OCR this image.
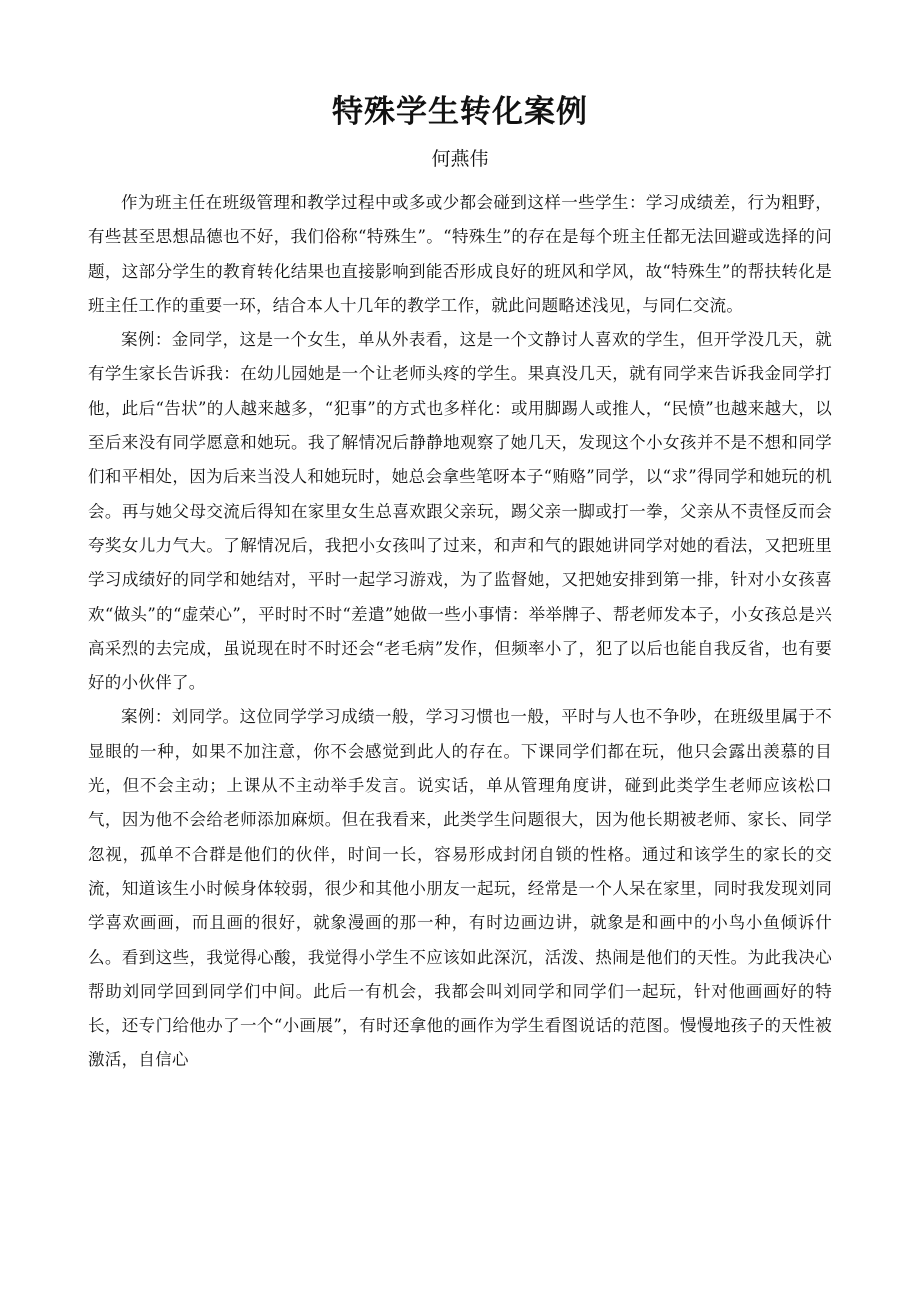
特殊学生转化案例
何燕伟

作为班主任在班级管理和教学过程中或多或少都会碰到这样一些学生：学习成绩差，行为粗野，有些甚至思想品德也不好，我们俗称“特殊生”。“特殊生”的存在是每个班主任都无法回避或选择的问题，这部分学生的教育转化结果也直接影响到能否形成良好的班风和学风，故“特殊生”的帮扶转化是班主任工作的重要一环，结合本人十几年的教学工作，就此问题略述浅见，与同仁交流。

案例：金同学，这是一个女生，单从外表看，这是一个文静讨人喜欢的学生，但开学没几天，就有学生家长告诉我：在幼儿园她是一个让老师头疼的学生。果真没几天，就有同学来告诉我金同学打他，此后“告状”的人越来越多，“犯事”的方式也多样化：或用脚踢人或推人，“民愤”也越来越大，以至后来没有同学愿意和她玩。我了解情况后静静地观察了她几天，发现这个小女孩并不是不想和同学们和平相处，因为后来当没人和她玩时，她总会拿些笔呀本子“贿赂”同学，以“求”得同学和她玩的机会。再与她父母交流后得知在家里女生总喜欢跟父亲玩，踢父亲一脚或打一拳，父亲从不责怪反而会夸奖女儿力气大。了解情况后，我把小女孩叫了过来，和声和气的跟她讲同学对她的看法，又把班里学习成绩好的同学和她结对，平时一起学习游戏，为了监督她，又把她安排到第一排，针对小女孩喜欢“做头”的“虚荣心”，平时时不时“差遣”她做一些小事情：举举牌子、帮老师发本子，小女孩总是兴高采烈的去完成，虽说现在时不时还会“老毛病”发作，但频率小了，犯了以后也能自我反省，也有要好的小伙伴了。

案例：刘同学。这位同学学习成绩一般，学习习惯也一般，平时与人也不争吵，在班级里属于不显眼的一种，如果不加注意，你不会感觉到此人的存在。下课同学们都在玩，他只会露出羡慕的目光，但不会主动；上课从不主动举手发言。说实话，单从管理角度讲，碰到此类学生老师应该松口气，因为他不会给老师添加麻烦。但在我看来，此类学生问题很大，因为他长期被老师、家长、同学忽视，孤单不合群是他们的伙伴，时间一长，容易形成封闭自锁的性格。通过和该学生的家长的交流，知道该生小时候身体较弱，很少和其他小朋友一起玩，经常是一个人呆在家里，同时我发现刘同学喜欢画画，而且画的很好，就象漫画的那一种，有时边画边讲，就象是和画中的小鸟小鱼倾诉什么。看到这些，我觉得心酸，我觉得小学生不应该如此深沉，活泼、热闹是他们的天性。为此我决心帮助刘同学回到同学们中间。此后一有机会，我都会叫刘同学和同学们一起玩，针对他画画好的特长，还专门给他办了一个“小画展”，有时还拿他的画作为学生看图说话的范图。慢慢地孩子的天性被激活，自信心
